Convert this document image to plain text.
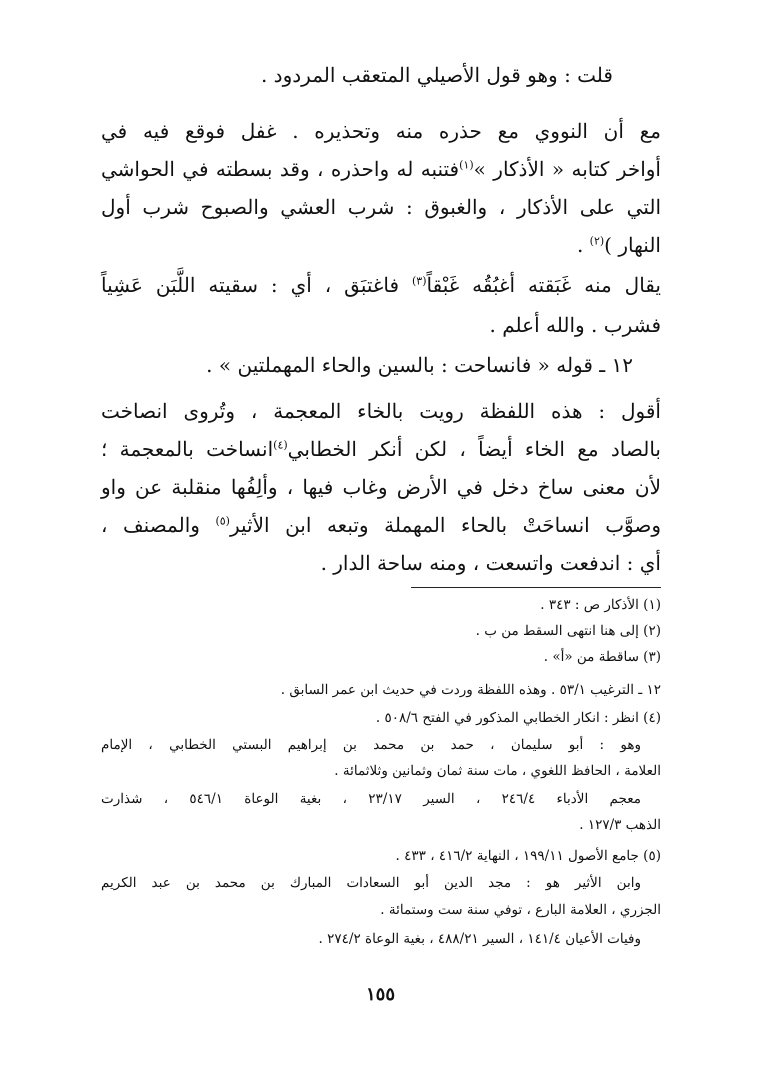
قلت : وهو قول الأصيلي المتعقب المردود .
مع أن النووي مع حذره منه وتحذيره . غفل فوقع فيه في
أواخر كتابه « الأذكار »$^{(١)}$فتنبه له واحذره ، وقد بسطته في الحواشي
التي على الأذكار ، والغبوق : شرب العشي والصبوح شرب أول
النهار )$^{(٢)}$ .
يقال منه غَبَقته أغبُقُه غَبْقاً$^{(٣)}$ فاغتبَق ، أي : سقيته اللَّبَن عَشِياً
فشرب . والله أعلم .
١٢ ـ قوله « فانساحت : بالسين والحاء المهملتين » .
أقول : هذه اللفظة رويت بالخاء المعجمة ، وتُروى انصاخت
بالصاد مع الخاء أيضاً ، لكن أنكر الخطابي$^{(٤)}$انساخت بالمعجمة ؛
لأن معنى ساخ دخل في الأرض وغاب فيها ، وألِفُها منقلبة عن واو
وصوَّب انساحَتْ بالحاء المهملة وتبعه ابن الأثير$^{(٥)}$ والمصنف ،
أي : اندفعت واتسعت ، ومنه ساحة الدار .
(١) الأذكار ص : ٣٤٣ .
(٢) إلى هنا انتهى السقط من ب .
(٣) ساقطة من «أ» .
١٢ ـ الترغيب ٥٣/١ . وهذه اللفظة وردت في حديث ابن عمر السابق .
(٤) انظر : انكار الخطابي المذكور في الفتح ٥٠٨/٦ .
وهو : أبو سليمان ، حمد بن محمد بن إبراهيم البستي الخطابي ، الإمام
العلامة ، الحافظ اللغوي ، مات سنة ثمان وثمانين وثلاثمائة .
معجم الأدباء ٢٤٦/٤ ، السير ٢٣/١٧ ، بغية الوعاة ٥٤٦/١ ، شذارت
الذهب ١٢٧/٣ .
(٥) جامع الأصول ١٩٩/١١ ، النهاية ٤١٦/٢ ، ٤٣٣ .
وابن الأثير هو : مجد الدين أبو السعادات المبارك بن محمد بن عبد الكريم
الجزري ، العلامة البارع ، توفي سنة ست وستمائة .
وفيات الأعيان ١٤١/٤ ، السير ٤٨٨/٢١ ، بغية الوعاة ٢٧٤/٢ .
١٥٥
